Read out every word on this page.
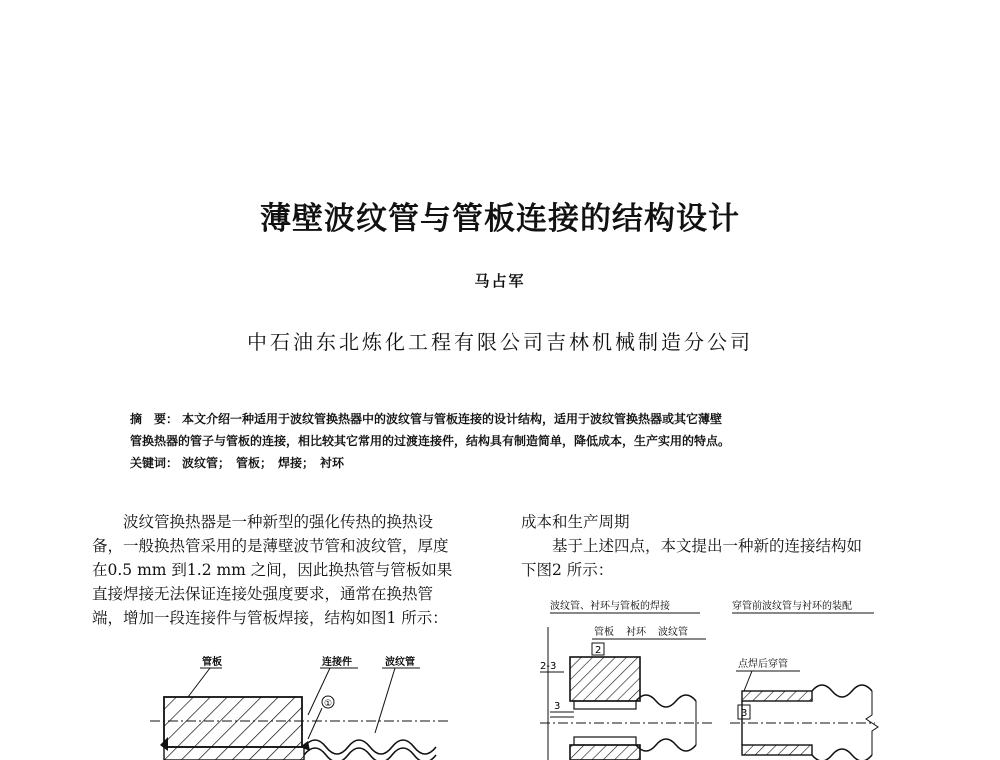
薄壁波纹管与管板连接的结构设计
马占军
中石油东北炼化工程有限公司吉林机械制造分公司
摘　要： 本文介绍一种适用于波纹管换热器中的波纹管与管板连接的设计结构，适用于波纹管换热器或其它薄壁
管换热器的管子与管板的连接，相比较其它常用的过渡连接件，结构具有制造简单，降低成本，生产实用的特点。
关键词： 波纹管；　管板；　焊接；　衬环

波纹管换热器是一种新型的强化传热的换热设

备，一般换热管采用的是薄壁波节管和波纹管，厚度

在0.5 mm 到1.2 mm 之间，因此换热管与管板如果

直接焊接无法保证连接处强度要求，通常在换热管

端，增加一段连接件与管板焊接，结构如图1 所示：

成本和生产周期

基于上述四点，本文提出一种新的连接结构如

下图2 所示：

管板	连接件	波纹管
①
波纹管、衬环与管板的焊接	穿管前波纹管与衬环的装配
管板 衬环 波纹管
2
2-3
3
点焊后穿管
3
